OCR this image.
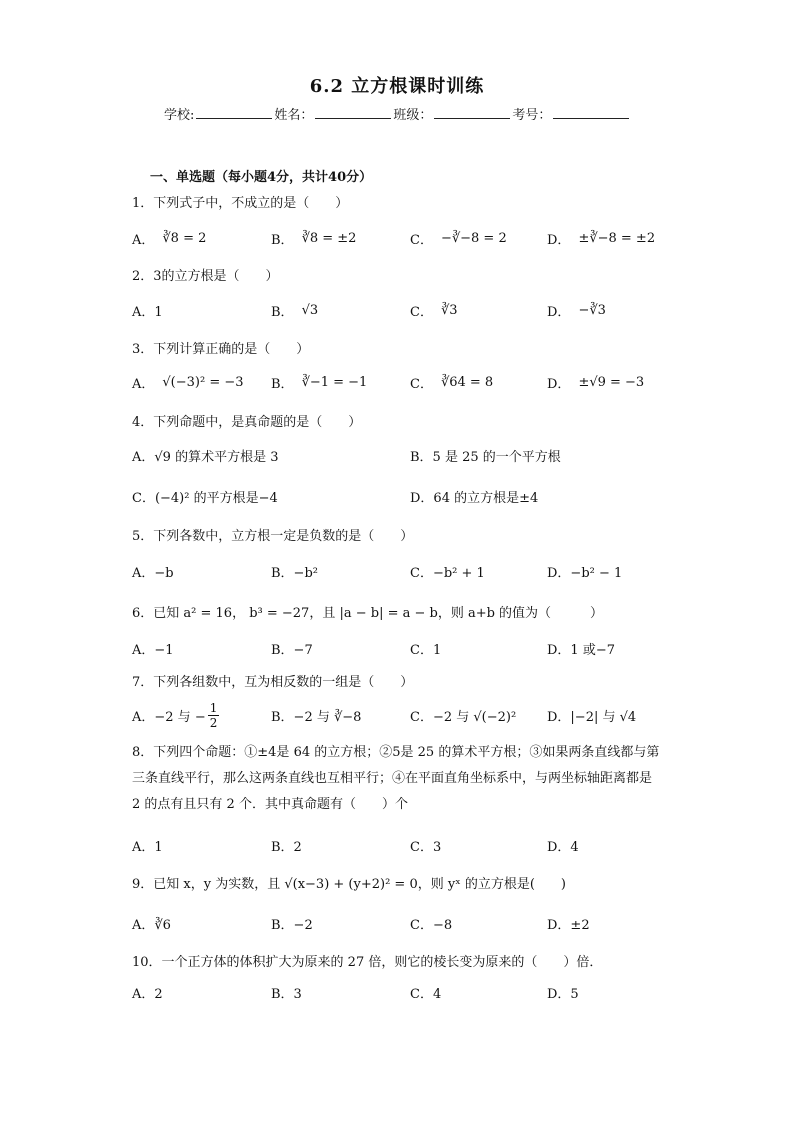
6.2 立方根课时训练
学校:	姓名：	班级：	考号：
一、单选题（每小题4分，共计40分）
1．下列式子中，不成立的是（　　）
A． ∛8 = 2	B． ∛8 = ±2	C． −∛−8 = 2	D． ±∛−8 = ±2
2．3的立方根是（　　）
A．1	B． √3	C． ∛3	D． −∛3
3．下列计算正确的是（　　）
A． √(−3)² = −3 B． ∛−1 = −1	C． ∛64 = 8	D． ±√9 = −3
4．下列命题中，是真命题的是（　　）
A．√9 的算术平方根是 3	B．5 是 25 的一个平方根
C．(−4)² 的平方根是−4	D．64 的立方根是±4
5．下列各数中，立方根一定是负数的是（　　）
A．−b	B．−b²	C．−b² + 1	D．−b² − 1
6．已知 a² = 16， b³ = −27，且 |a − b| = a − b，则 a+b 的值为（　　　）
A．−1	B．−7	C．1	D．1 或−7
7．下列各组数中，互为相反数的一组是（　　）
A．−2 与 − $\frac{1}{2}$	B．−2 与 ∛−8	C．−2 与 √(−2)² D．|−2| 与 √4
8．下列四个命题：①±4是 64 的立方根；②5是 25 的算术平方根；③如果两条直线都与第三条直线平行，那么这两条直线也互相平行；④在平面直角坐标系中，与两坐标轴距离都是 2 的点有且只有 2 个．其中真命题有（　　）个
A．1	B．2	C．3	D．4
9．已知 x，y 为实数，且 √(x−3) + (y+2)² = 0，则 yˣ 的立方根是(　　)
A．∛6	B．−2	C．−8	D．±2
10．一个正方体的体积扩大为原来的 27 倍，则它的棱长变为原来的（　　）倍．
A．2	B．3	C．4	D．5
